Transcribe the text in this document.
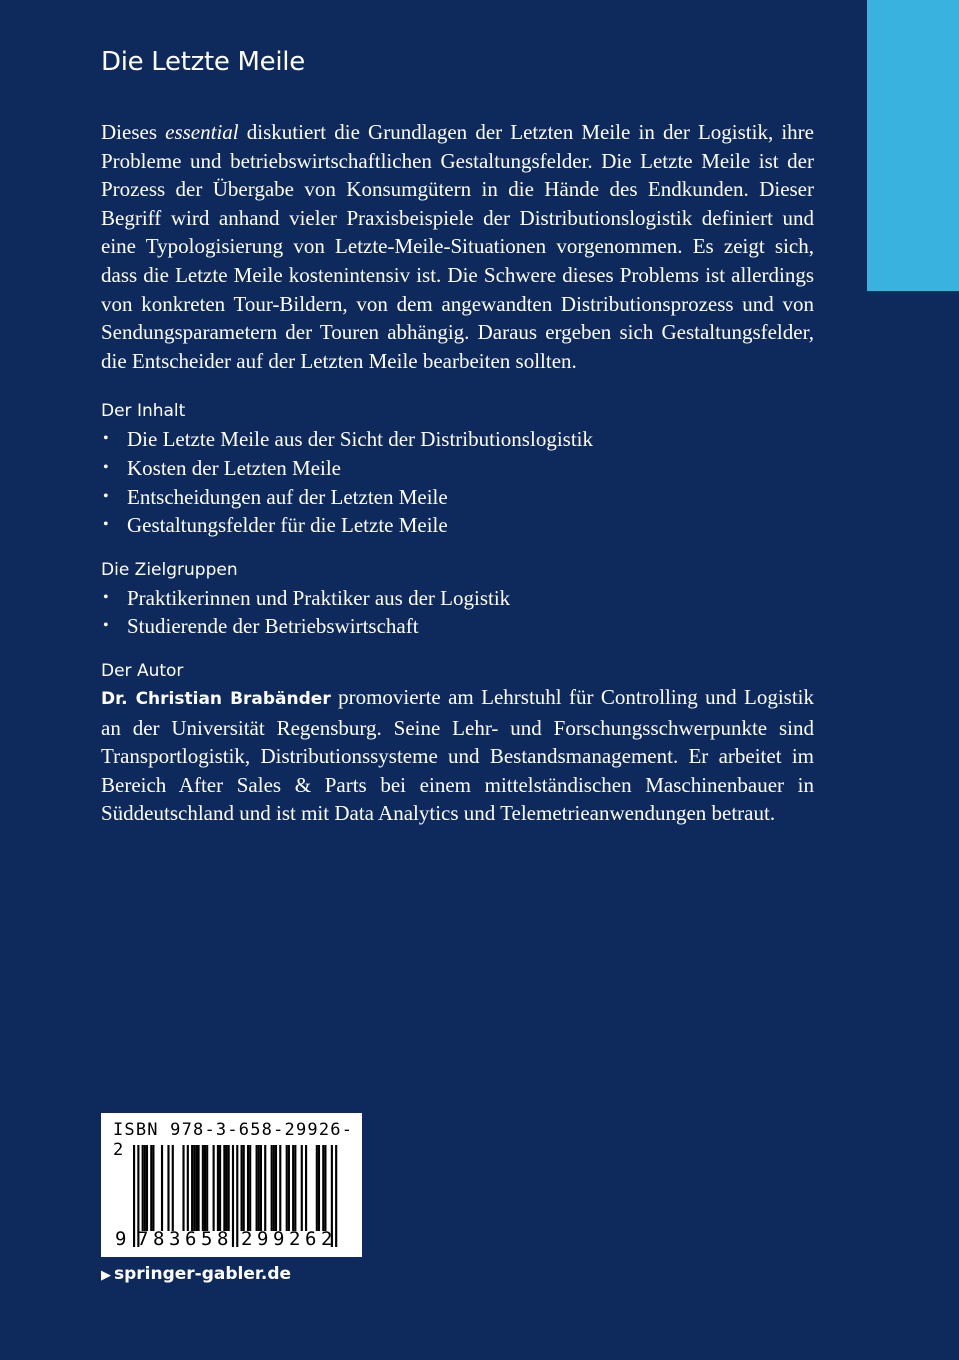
Die Letzte Meile

Dieses essential diskutiert die Grundlagen der Letzten Meile in der Logistik, ihre Probleme und betriebswirtschaftlichen Gestaltungsfelder. Die Letzte Meile ist der Prozess der Übergabe von Konsumgütern in die Hände des Endkunden. Dieser Begriff wird anhand vieler Praxisbeispiele der Distributionslogistik definiert und eine Typologisierung von Letzte-Meile-Situationen vorgenommen. Es zeigt sich, dass die Letzte Meile kostenintensiv ist. Die Schwere dieses Problems ist allerdings von konkreten Tour-Bildern, von dem angewandten Distributionsprozess und von Sendungsparametern der Touren abhängig. Daraus ergeben sich Gestaltungsfelder, die Entscheider auf der Letzten Meile bearbeiten sollten.

Der Inhalt
• Die Letzte Meile aus der Sicht der Distributionslogistik
• Kosten der Letzten Meile
• Entscheidungen auf der Letzten Meile
• Gestaltungsfelder für die Letzte Meile
Die Zielgruppen
• Praktikerinnen und Praktiker aus der Logistik
• Studierende der Betriebswirtschaft
Der Autor

Dr. Christian Brabänder promovierte am Lehrstuhl für Controlling und Logistik an der Universität Regensburg. Seine Lehr- und Forschungsschwerpunkte sind Transportlogistik, Distributionssysteme und Bestandsmanagement. Er arbeitet im Bereich After Sales & Parts bei einem mittelständischen Maschinenbauer in Süddeutschland und ist mit Data Analytics und Telemetrieanwendungen betraut.

ISBN 978-3-658-29926-2
9 7 8 3 6 5 8 2 9 9 2 6 2
▶ springer-gabler.de
